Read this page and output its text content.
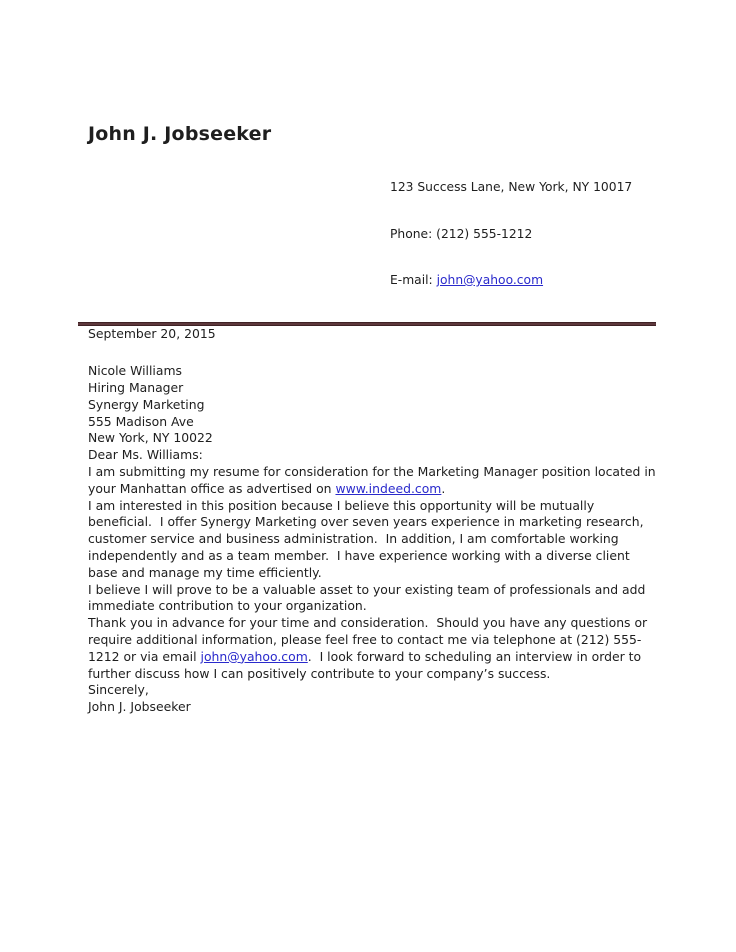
John J. Jobseeker

123 Success Lane, New York, NY 10017

Phone: (212) 555-1212

E-mail: john@yahoo.com

September 20, 2015
Nicole Williams
Hiring Manager
Synergy Marketing
555 Madison Ave
New York, NY 10022
Dear Ms. Williams:

I am submitting my resume for consideration for the Marketing Manager position located in your Manhattan office as advertised on www.indeed.com.

I am interested in this position because I believe this opportunity will be mutually beneficial.  I offer Synergy Marketing over seven years experience in marketing research, customer service and business administration.  In addition, I am comfortable working independently and as a team member.  I have experience working with a diverse client base and manage my time efficiently.

I believe I will prove to be a valuable asset to your existing team of professionals and add immediate contribution to your organization.

Thank you in advance for your time and consideration.  Should you have any questions or require additional information, please feel free to contact me via telephone at (212) 555-1212 or via email john@yahoo.com.  I look forward to scheduling an interview in order to further discuss how I can positively contribute to your company’s success.

Sincerely,
John J. Jobseeker
